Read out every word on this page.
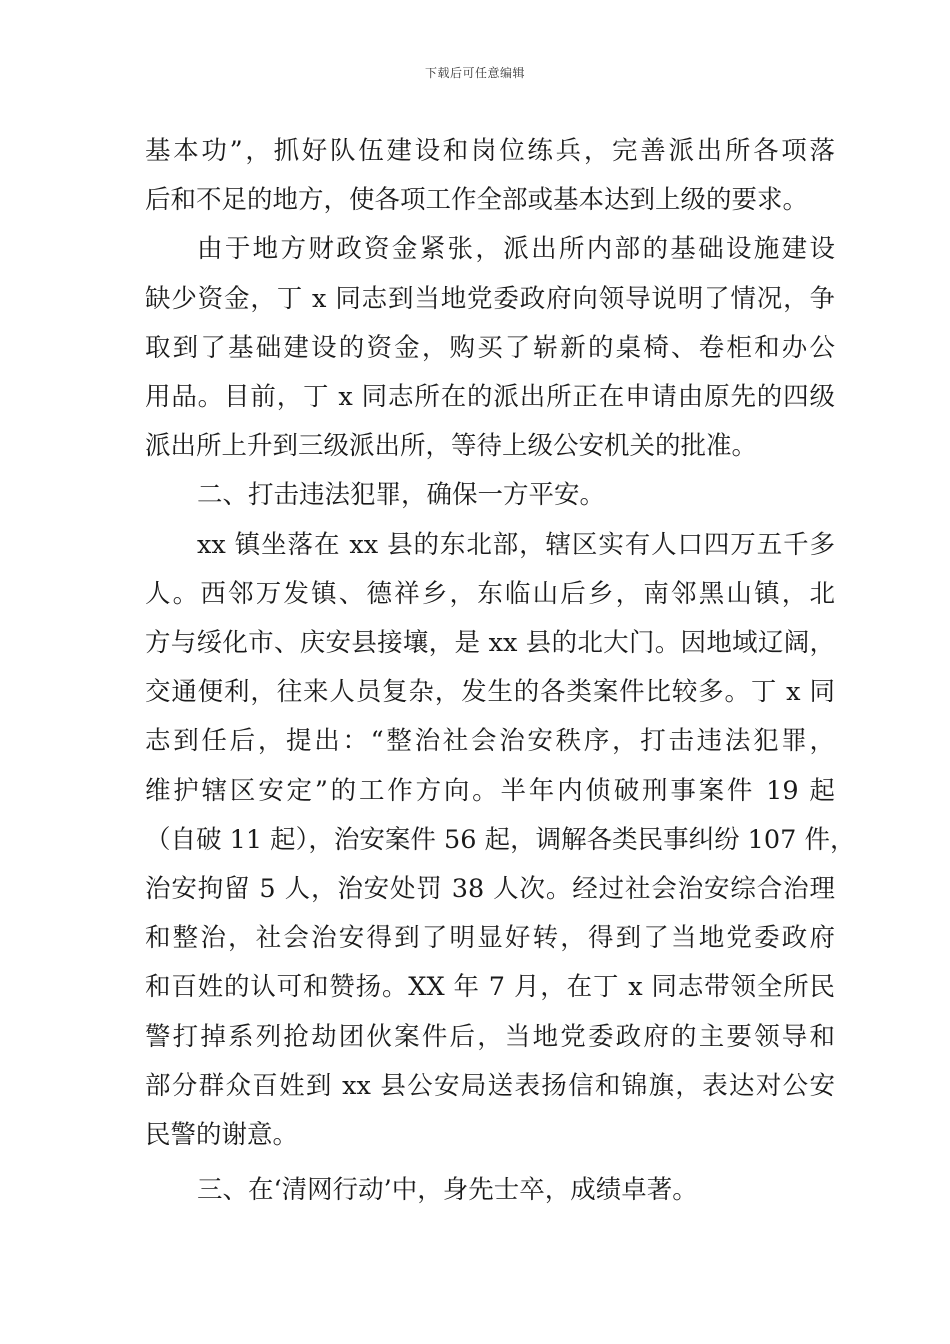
下载后可任意编辑
基本功”，抓好队伍建设和岗位练兵，完善派出所各项落
后和不足的地方，使各项工作全部或基本达到上级的要求。
由于地方财政资金紧张，派出所内部的基础设施建设
缺少资金，丁 x 同志到当地党委政府向领导说明了情况，争
取到了基础建设的资金，购买了崭新的桌椅、卷柜和办公
用品。目前，丁 x 同志所在的派出所正在申请由原先的四级
派出所上升到三级派出所，等待上级公安机关的批准。
二、打击违法犯罪，确保一方平安。
xx 镇坐落在 xx 县的东北部，辖区实有人口四万五千多
人。西邻万发镇、德祥乡，东临山后乡，南邻黑山镇，北
方与绥化市、庆安县接壤，是 xx 县的北大门。因地域辽阔，
交通便利，往来人员复杂，发生的各类案件比较多。丁 x 同
志到任后，提出：“整治社会治安秩序，打击违法犯罪，
维护辖区安定”的工作方向。半年内侦破刑事案件 19 起
（自破 11 起），治安案件 56 起，调解各类民事纠纷 107 件，
治安拘留 5 人，治安处罚 38 人次。经过社会治安综合治理
和整治，社会治安得到了明显好转，得到了当地党委政府
和百姓的认可和赞扬。XX 年 7 月，在丁 x 同志带领全所民
警打掉系列抢劫团伙案件后，当地党委政府的主要领导和
部分群众百姓到 xx 县公安局送表扬信和锦旗，表达对公安
民警的谢意。
三、在‘清网行动’中，身先士卒，成绩卓著。
